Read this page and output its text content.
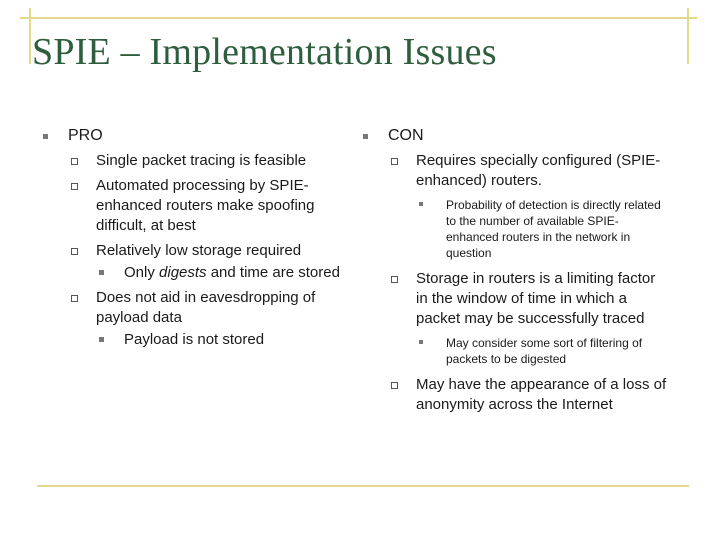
SPIE – Implementation Issues
PRO
Single packet tracing is feasible
Automated processing by SPIE-enhanced routers make spoofing difficult, at best
Relatively low storage required
Only digests and time are stored
Does not aid in eavesdropping of payload data
Payload is not stored
CON
Requires specially configured (SPIE-enhanced) routers.
Probability of detection is directly related to the number of available SPIE-enhanced routers in the network in question
Storage in routers is a limiting factor in the window of time in which a packet may be successfully traced
May consider some sort of filtering of packets to be digested
May have the appearance of a loss of anonymity across the Internet
